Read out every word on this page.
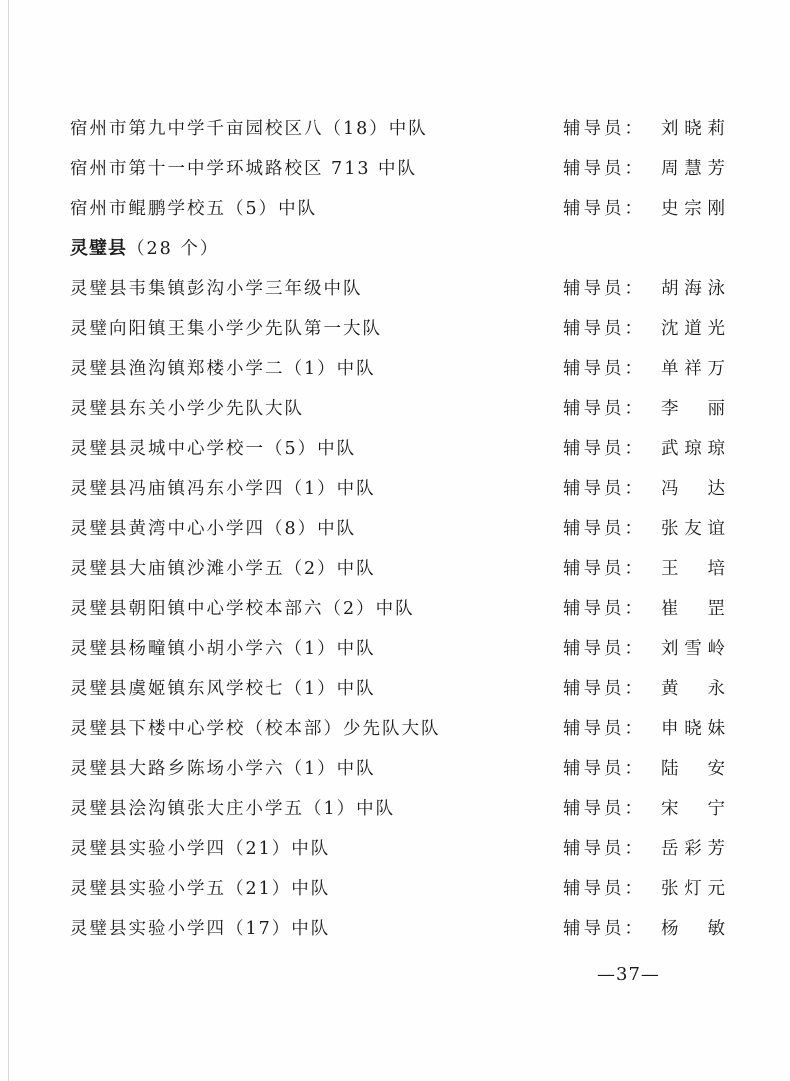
宿州市第九中学千亩园校区八（18）中队	辅导员： 刘晓莉
宿州市第十一中学环城路校区 713 中队	辅导员： 周慧芳
宿州市鲲鹏学校五（5）中队	辅导员： 史宗刚
灵璧县（28 个）
灵璧县韦集镇彭沟小学三年级中队	辅导员： 胡海泳
灵璧向阳镇王集小学少先队第一大队	辅导员： 沈道光
灵璧县渔沟镇郑楼小学二（1）中队	辅导员： 单祥万
灵璧县东关小学少先队大队	辅导员： 李丽
灵璧县灵城中心学校一（5）中队	辅导员： 武琼琼
灵璧县冯庙镇冯东小学四（1）中队	辅导员： 冯达
灵璧县黄湾中心小学四（8）中队	辅导员： 张友谊
灵璧县大庙镇沙滩小学五（2）中队	辅导员： 王培
灵璧县朝阳镇中心学校本部六（2）中队	辅导员： 崔罡
灵璧县杨疃镇小胡小学六（1）中队	辅导员： 刘雪岭
灵璧县虞姬镇东风学校七（1）中队	辅导员： 黄永
灵璧县下楼中心学校（校本部）少先队大队	辅导员： 申晓妹
灵璧县大路乡陈场小学六（1）中队	辅导员： 陆安
灵璧县浍沟镇张大庄小学五（1）中队	辅导员： 宋宁
灵璧县实验小学四（21）中队	辅导员： 岳彩芳
灵璧县实验小学五（21）中队	辅导员： 张灯元
灵璧县实验小学四（17）中队	辅导员： 杨敏
—37—
